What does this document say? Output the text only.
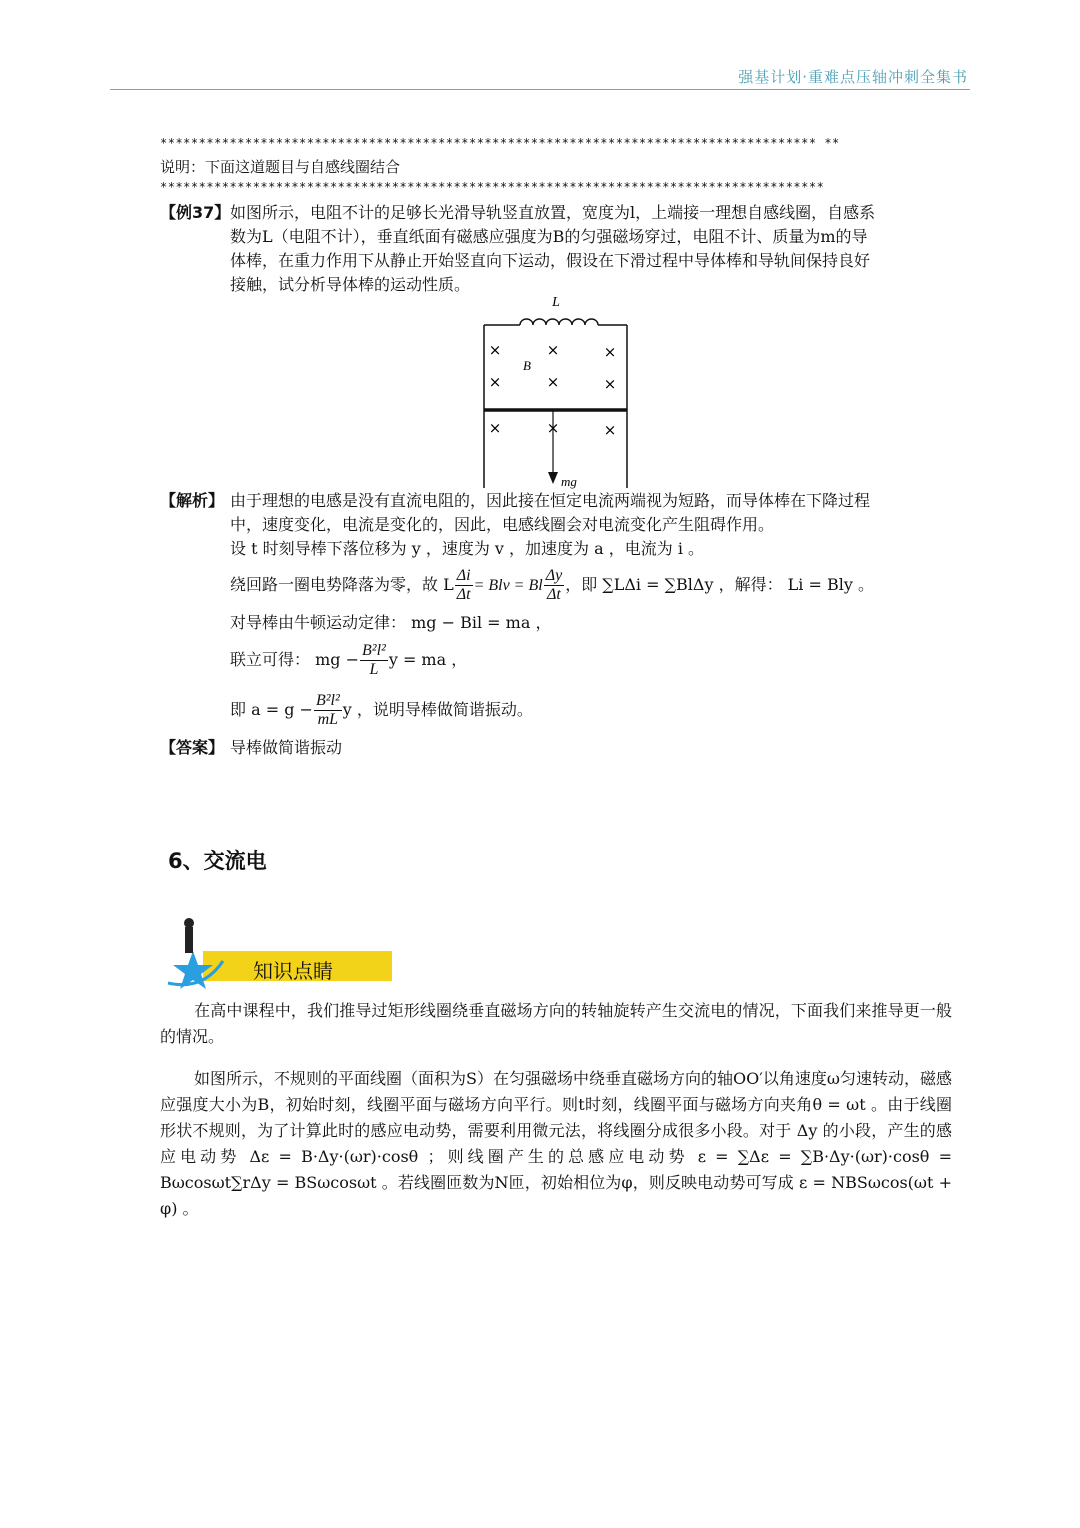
强基计划·重难点压轴冲刺全集书
************************************************************************************* **
说明：下面这道题目与自感线圈结合
**************************************************************************************
【例37】 如图所示，电阻不计的足够长光滑导轨竖直放置，宽度为l，上端接一理想自感线圈，自感系
数为L（电阻不计），垂直纸面有磁感应强度为B的匀强磁场穿过，电阻不计、质量为m的导
体棒，在重力作用下从静止开始竖直向下运动，假设在下滑过程中导体棒和导轨间保持良好
接触，试分析导体棒的运动性质。
L
B
×	×	×
×	×	×
×	×	×
mg
【解析】 由于理想的电感是没有直流电阻的，因此接在恒定电流两端视为短路，而导体棒在下降过程
中，速度变化，电流是变化的，因此，电感线圈会对电流变化产生阻碍作用。
设 t 时刻导棒下落位移为 y ，速度为 v ，加速度为 a ，电流为 i 。
绕回路一圈电势降落为零，故 L $\frac{\Delta i}{\Delta t}$ = Blv = Bl $\frac{\Delta y}{\Delta t}$ ，即 ∑LΔi = ∑BlΔy ，解得： Li = Bly 。
对导棒由牛顿运动定律： mg − Bil = ma ，
联立可得： mg − $\frac{\text{B²l²}}{L}$ y = ma ，
即 $a = g - \frac{\text{B²l²}}{mL}$ y ，说明导棒做简谐振动。
【答案】 导棒做简谐振动
6、交流电
知识点睛
在高中课程中，我们推导过矩形线圈绕垂直磁场方向的转轴旋转产生交流电的情况，下面我们来推导更一般的情况。
如图所示，不规则的平面线圈（面积为S）在匀强磁场中绕垂直磁场方向的轴OO′以角速度ω匀速转动，磁感应强度大小为B，初始时刻，线圈平面与磁场方向平行。则t时刻，线圈平面与磁场方向夹角θ = ωt 。由于线圈形状不规则，为了计算此时的感应电动势，需要利用微元法，将线圈分成很多小段。对于 Δy 的小段，产生的感应电动势 Δε = B·Δy·(ωr)·cosθ ；则线圈产生的总感应电动势 ε = ∑Δε = ∑B·Δy·(ωr)·cosθ = Bωcosωt∑rΔy = BSωcosωt 。若线圈匝数为N匝，初始相位为φ，则反映电动势可写成 ε = NBSωcos(ωt + φ) 。
